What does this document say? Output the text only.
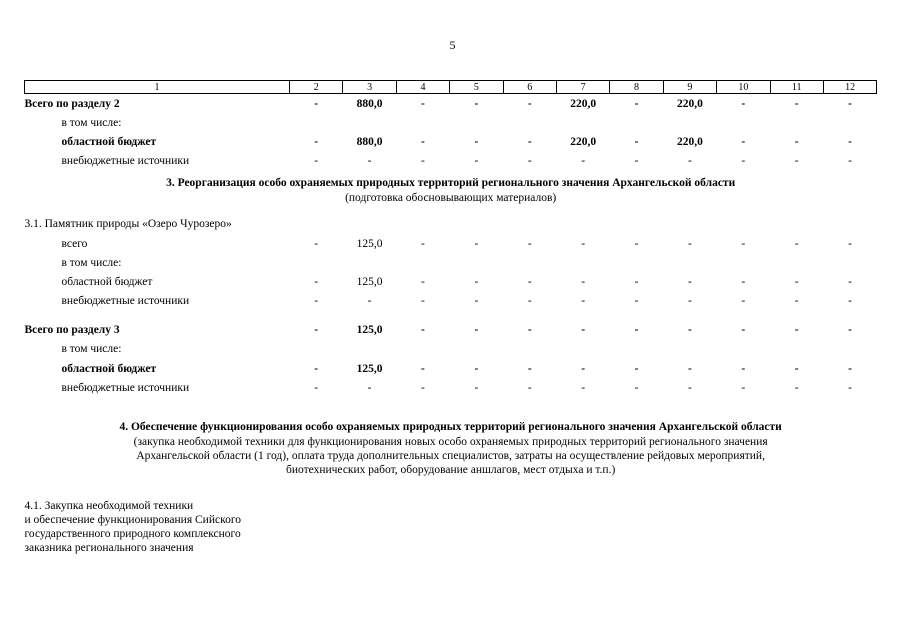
5
1	2	3	4	5	6	7	8	9	10	11	12
Всего по разделу 2	-	880,0	-	-	-	220,0	-	220,0	-	-	-
в том числе:											
областной бюджет	-	880,0	-	-	-	220,0	-	220,0	-	-	-
внебюджетные источники	-	-	-	-	-	-	-	-	-	-	-
3. Реорганизация особо охраняемых природных территорий регионального значения Архангельской области											
(подготовка обосновывающих материалов)											

3.1. Памятник природы «Озеро Чурозеро»											
всего	-	125,0	-	-	-	-	-	-	-	-	-
в том числе:											
областной бюджет	-	125,0	-	-	-	-	-	-	-	-	-
внебюджетные источники	-	-	-	-	-	-	-	-	-	-	-

Всего по разделу 3	-	125,0	-	-	-	-	-	-	-	-	-
в том числе:											
областной бюджет	-	125,0	-	-	-	-	-	-	-	-	-
внебюджетные источники	-	-	-	-	-	-	-	-	-	-	-

4. Обеспечение функционирования особо охраняемых природных территорий регионального значения Архангельской области											
(закупка необходимой техники для функционирования новых особо охраняемых природных территорий регионального значения											
Архангельской области (1 год), оплата труда дополнительных специалистов, затраты на осуществление рейдовых мероприятий,											
биотехнических работ, оборудование аншлагов, мест отдыха и т.п.)											

4.1. Закупка необходимой техники
и обеспечение функционирования Сийского
государственного природного комплексного
заказника регионального значения											
